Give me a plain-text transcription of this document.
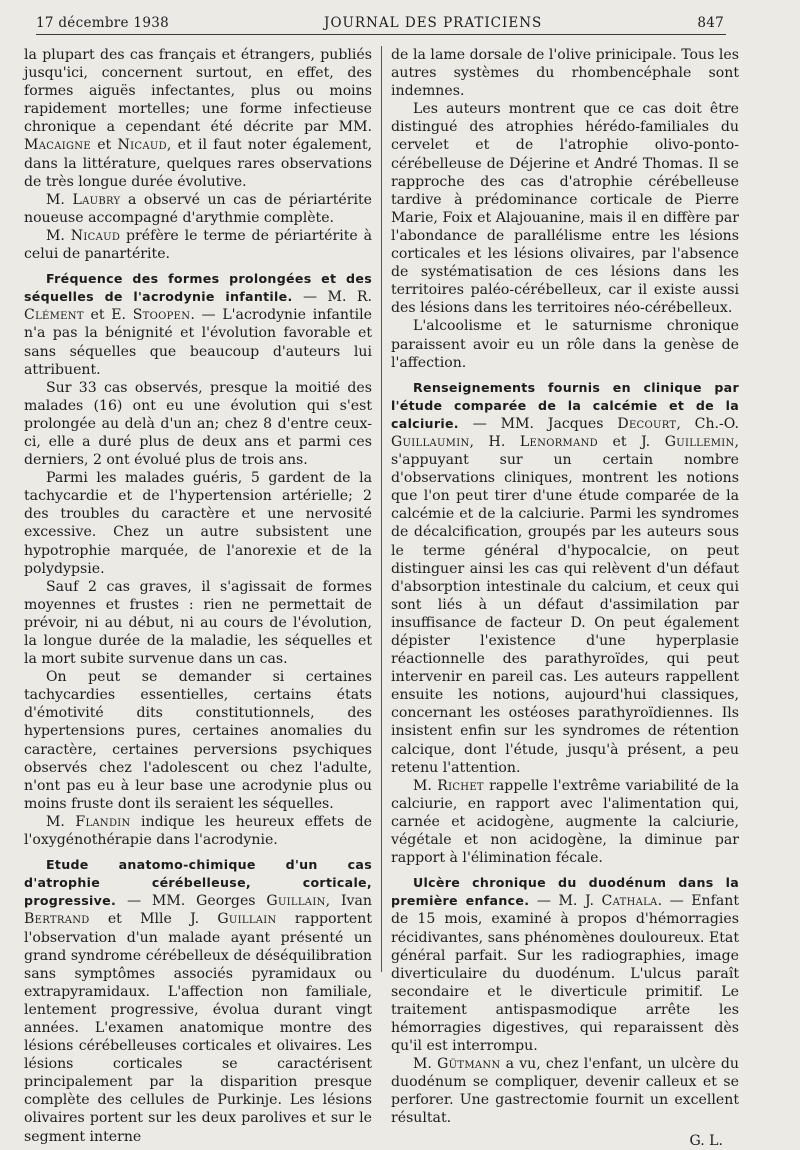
17 décembre 1938	JOURNAL DES PRATICIENS	847

la plupart des cas français et étrangers, publiés jusqu'ici, concernent surtout, en effet, des formes aiguës infectantes, plus ou moins rapidement mortelles; une forme infectieuse chronique a cependant été décrite par MM. Macaigne et Nicaud, et il faut noter également, dans la littérature, quelques rares observations de très longue durée évolutive.

M. Laubry a observé un cas de périartérite noueuse accompagné d'arythmie complète.

M. Nicaud préfère le terme de périartérite à celui de panartérite.

Fréquence des formes prolongées et des séquelles de l'acrodynie infantile. — M. R. Clément et E. Stoopen. — L'acrodynie infantile n'a pas la bénignité et l'évolution favorable et sans séquelles que beaucoup d'auteurs lui attribuent.

Sur 33 cas observés, presque la moitié des malades (16) ont eu une évolution qui s'est prolongée au delà d'un an; chez 8 d'entre ceux-ci, elle a duré plus de deux ans et parmi ces derniers, 2 ont évolué plus de trois ans.

Parmi les malades guéris, 5 gardent de la tachycardie et de l'hypertension artérielle; 2 des troubles du caractère et une nervosité excessive. Chez un autre subsistent une hypotrophie marquée, de l'anorexie et de la polydypsie.

Sauf 2 cas graves, il s'agissait de formes moyennes et frustes : rien ne permettait de prévoir, ni au début, ni au cours de l'évolution, la longue durée de la maladie, les séquelles et la mort subite survenue dans un cas.

On peut se demander si certaines tachycardies essentielles, certains états d'émotivité dits constitutionnels, des hypertensions pures, certaines anomalies du caractère, certaines perversions psychiques observés chez l'adolescent ou chez l'adulte, n'ont pas eu à leur base une acrodynie plus ou moins fruste dont ils seraient les séquelles.

M. Flandin indique les heureux effets de l'oxygénothérapie dans l'acrodynie.

Etude anatomo-chimique d'un cas d'atrophie cérébelleuse, corticale, progressive. — MM. Georges Guillain, Ivan Bertrand et Mlle J. Guillain rapportent l'observation d'un malade ayant présenté un grand syndrome cérébelleux de déséquilibration sans symptômes associés pyramidaux ou extrapyramidaux. L'affection non familiale, lentement progressive, évolua durant vingt années. L'examen anatomique montre des lésions cérébelleuses corticales et olivaires. Les lésions corticales se caractérisent principalement par la disparition presque complète des cellules de Purkinje. Les lésions olivaires portent sur les deux parolives et sur le segment interne

de la lame dorsale de l'olive prinicipale. Tous les autres systèmes du rhombencéphale sont indemnes.

Les auteurs montrent que ce cas doit être distingué des atrophies hérédo-familiales du cervelet et de l'atrophie olivo-ponto-cérébelleuse de Déjerine et André Thomas. Il se rapproche des cas d'atrophie cérébelleuse tardive à prédominance corticale de Pierre Marie, Foix et Alajouanine, mais il en diffère par l'abondance de parallélisme entre les lésions corticales et les lésions olivaires, par l'absence de systématisation de ces lésions dans les territoires paléo-cérébelleux, car il existe aussi des lésions dans les territoires néo-cérébelleux.

L'alcoolisme et le saturnisme chronique paraissent avoir eu un rôle dans la genèse de l'affection.

Renseignements fournis en clinique par l'étude comparée de la calcémie et de la calciurie. — MM. Jacques Decourt, Ch.-O. Guillaumin, H. Lenormand et J. Guillemin, s'appuyant sur un certain nombre d'observations cliniques, montrent les notions que l'on peut tirer d'une étude comparée de la calcémie et de la calciurie. Parmi les syndromes de décalcification, groupés par les auteurs sous le terme général d'hypocalcie, on peut distinguer ainsi les cas qui relèvent d'un défaut d'absorption intestinale du calcium, et ceux qui sont liés à un défaut d'assimilation par insuffisance de facteur D. On peut également dépister l'existence d'une hyperplasie réactionnelle des parathyroïdes, qui peut intervenir en pareil cas. Les auteurs rappellent ensuite les notions, aujourd'hui classiques, concernant les ostéoses parathyroïdiennes. Ils insistent enfin sur les syndromes de rétention calcique, dont l'étude, jusqu'à présent, a peu retenu l'attention.

M. Richet rappelle l'extrême variabilité de la calciurie, en rapport avec l'alimentation qui, carnée et acidogène, augmente la calciurie, végétale et non acidogène, la diminue par rapport à l'élimination fécale.

Ulcère chronique du duodénum dans la première enfance. — M. J. Cathala. — Enfant de 15 mois, examiné à propos d'hémorragies récidivantes, sans phénomènes douloureux. Etat général parfait. Sur les radiographies, image diverticulaire du duodénum. L'ulcus paraît secondaire et le diverticule primitif. Le traitement antispasmodique arrête les hémorragies digestives, qui reparaissent dès qu'il est interrompu.

M. Gütmann a vu, chez l'enfant, un ulcère du duodénum se compliquer, devenir calleux et se perforer. Une gastrectomie fournit un excellent résultat.

G. L.
